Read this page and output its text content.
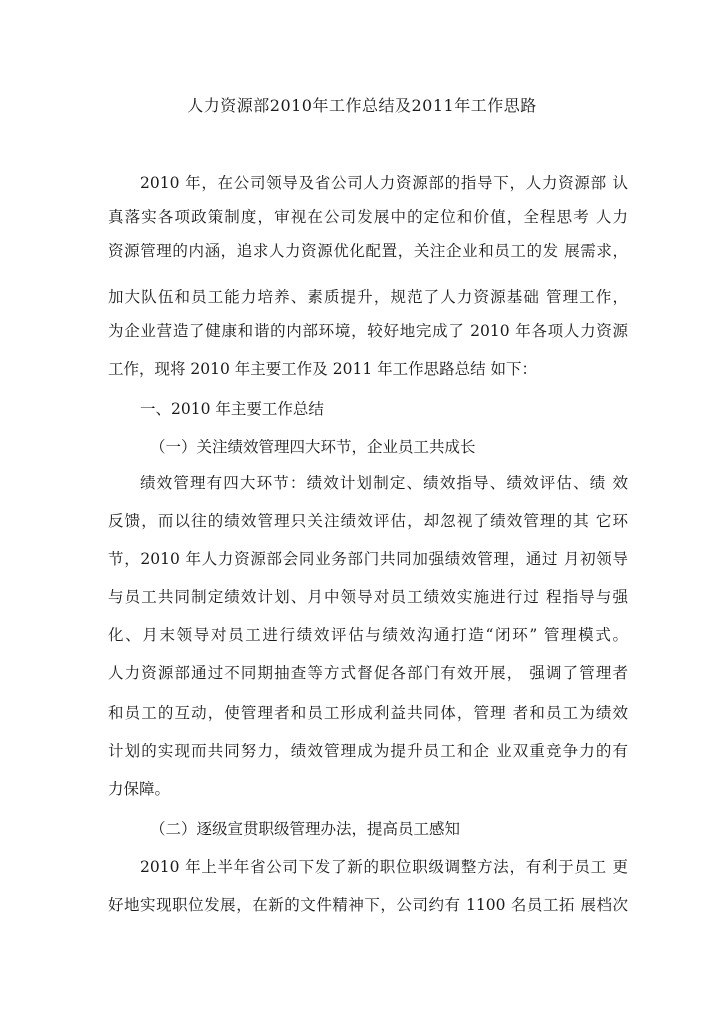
人力资源部2010年工作总结及2011年工作思路
2010 年，在公司领导及省公司人力资源部的指导下，人力资源部 认
真落实各项政策制度，审视在公司发展中的定位和价值，全程思考 人力
资源管理的内涵，追求人力资源优化配置，关注企业和员工的发 展需求，
加大队伍和员工能力培养、素质提升，规范了人力资源基础 管理工作，
为企业营造了健康和谐的内部环境，较好地完成了 2010 年各项人力资源
工作，现将 2010 年主要工作及 2011 年工作思路总结 如下：
一、2010 年主要工作总结
（一）关注绩效管理四大环节，企业员工共成长
绩效管理有四大环节：绩效计划制定、绩效指导、绩效评估、绩 效
反馈，而以往的绩效管理只关注绩效评估，却忽视了绩效管理的其 它环
节，2010 年人力资源部会同业务部门共同加强绩效管理，通过 月初领导
与员工共同制定绩效计划、月中领导对员工绩效实施进行过 程指导与强
化、月末领导对员工进行绩效评估与绩效沟通打造“闭环” 管理模式。
人力资源部通过不同期抽查等方式督促各部门有效开展， 强调了管理者
和员工的互动，使管理者和员工形成利益共同体，管理 者和员工为绩效
计划的实现而共同努力，绩效管理成为提升员工和企 业双重竞争力的有
力保障。
（二）逐级宣贯职级管理办法，提高员工感知
2010 年上半年省公司下发了新的职位职级调整方法，有利于员工 更
好地实现职位发展，在新的文件精神下，公司约有 1100 名员工拓 展档次
